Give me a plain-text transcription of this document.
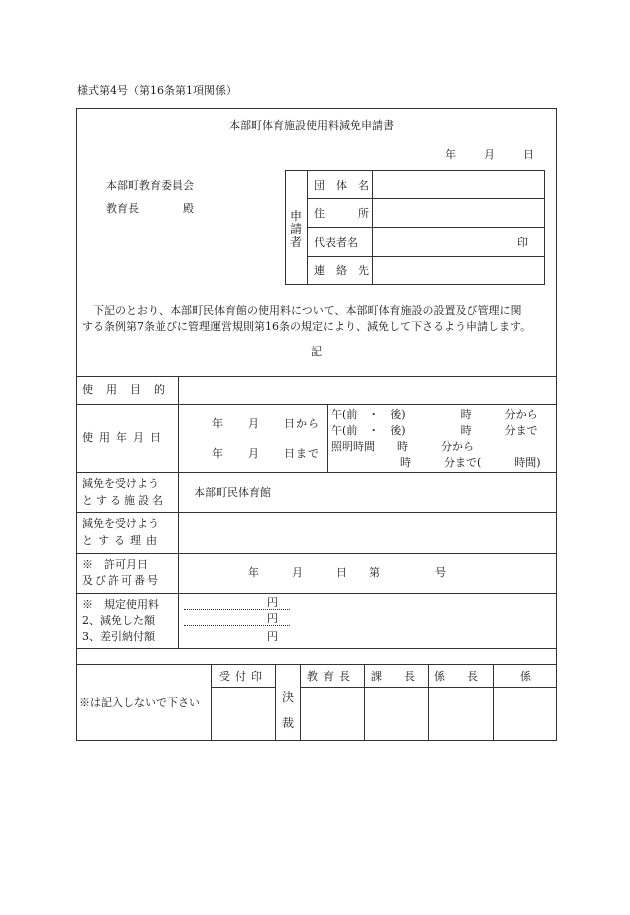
様式第4号（第16条第1項関係）
本部町体育施設使用料減免申請書
年　　月　　日
本部町教育委員会
教育長　　　　殿
申請者
団　体　名
住　　　所
代表者名	印
連　絡　先
　下記のとおり、本部町民体育館の使用料について、本部町体育施設の設置及び管理に関
する条例第7条並びに管理運営規則第16条の規定により、減免して下さるよう申請します。
記
使　用　目　的
使用年月日
年　　月　　日から
年　　月　　日まで
午(前　・　後)　　　　　時　　　分から
午(前　・　後)　　　　　時　　　分まで
照明時間　　時　　　分から
時　　　分まで(　　　時間)
減免を受けよう
とする施設名
本部町民体育館
減免を受けよう
とする理由
※　許可月日
及び許可番号
年　　　月　　　日　　第　　　　　号
※　規定使用料
2、減免した額
3、差引納付額
円
円
円
※は記入しないで下さい
受付印
決裁
教育長 課　　長 係　　長	係
